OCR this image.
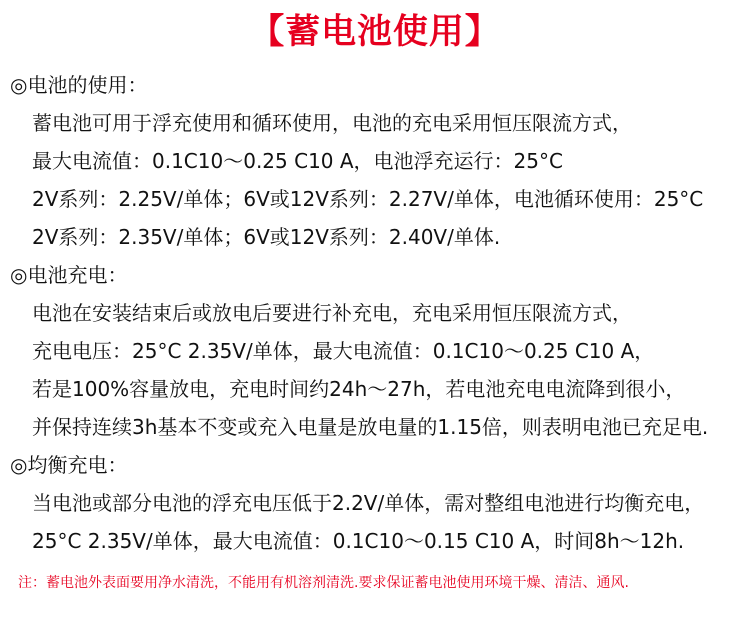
【蓄电池使用】
◎电池的使用：
蓄电池可用于浮充使用和循环使用，电池的充电采用恒压限流方式，
最大电流值：0.1C10～0.25 C10 A，电池浮充运行：25°C
2V系列：2.25V/单体；6V或12V系列：2.27V/单体，电池循环使用：25°C
2V系列：2.35V/单体；6V或12V系列：2.40V/单体.
◎电池充电：
电池在安装结束后或放电后要进行补充电，充电采用恒压限流方式，
充电电压：25°C 2.35V/单体，最大电流值：0.1C10～0.25 C10 A，
若是100%容量放电，充电时间约24h～27h，若电池充电电流降到很小，
并保持连续3h基本不变或充入电量是放电量的1.15倍，则表明电池已充足电.
◎均衡充电：
当电池或部分电池的浮充电压低于2.2V/单体，需对整组电池进行均衡充电，
25°C 2.35V/单体，最大电流值：0.1C10～0.15 C10 A，时间8h～12h.
注：蓄电池外表面要用净水清洗，不能用有机溶剂清洗.要求保证蓄电池使用环境干燥、清洁、通风.
